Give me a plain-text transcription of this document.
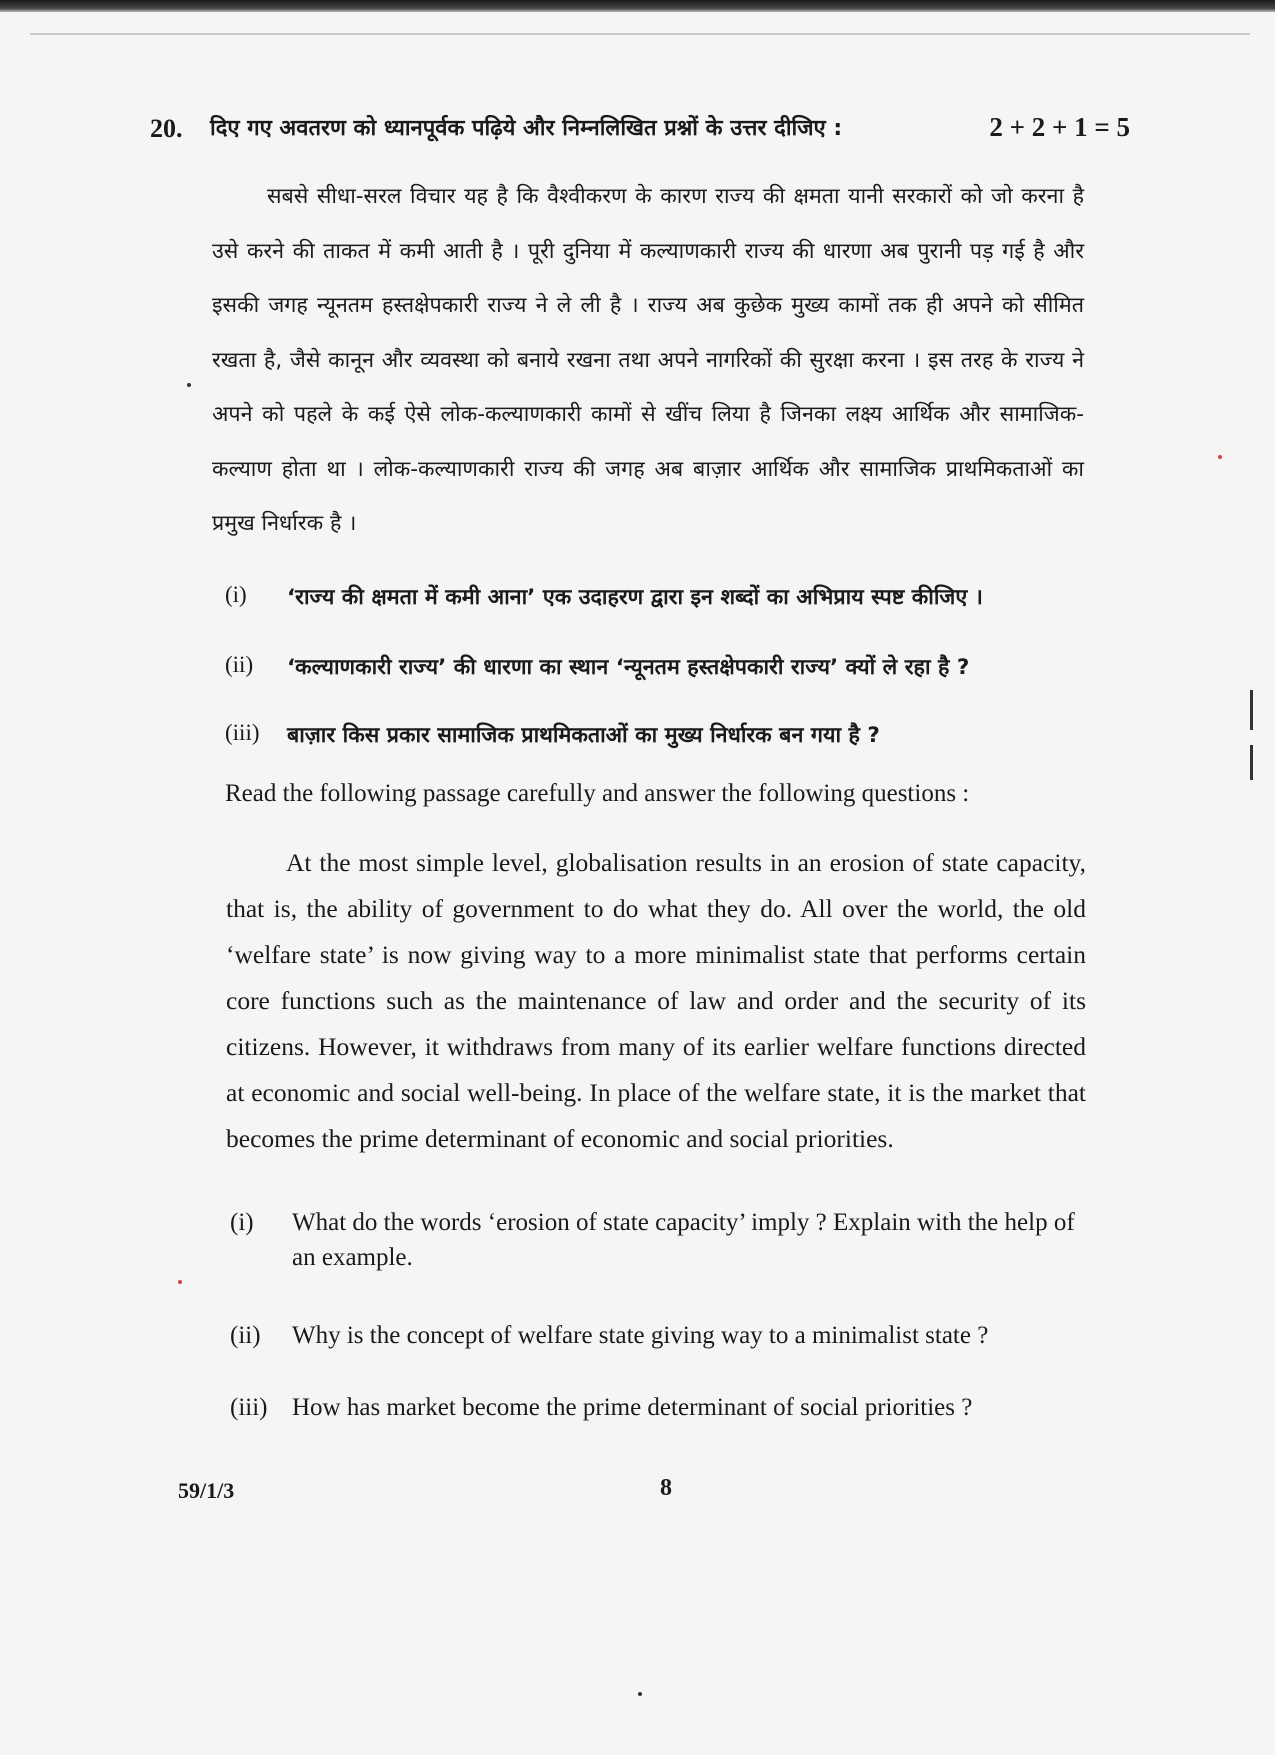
20. दिए गए अवतरण को ध्यानपूर्वक पढ़िये और निम्नलिखित प्रश्नों के उत्तर दीजिए :	2 + 2 + 1 = 5

सबसे सीधा-सरल विचार यह है कि वैश्वीकरण के कारण राज्य की क्षमता यानी सरकारों को जो करना है उसे करने की ताकत में कमी आती है । पूरी दुनिया में कल्याणकारी राज्य की धारणा अब पुरानी पड़ गई है और इसकी जगह न्यूनतम हस्तक्षेपकारी राज्य ने ले ली है । राज्य अब कुछेक मुख्य कामों तक ही अपने को सीमित रखता है, जैसे कानून और व्यवस्था को बनाये रखना तथा अपने नागरिकों की सुरक्षा करना । इस तरह के राज्य ने अपने को पहले के कई ऐसे लोक-कल्याणकारी कामों से खींच लिया है जिनका लक्ष्य आर्थिक और सामाजिक-कल्याण होता था । लोक-कल्याणकारी राज्य की जगह अब बाज़ार आर्थिक और सामाजिक प्राथमिकताओं का प्रमुख निर्धारक है ।

(i) ‘राज्य की क्षमता में कमी आना’ एक उदाहरण द्वारा इन शब्दों का अभिप्राय स्पष्ट कीजिए ।
(ii) ‘कल्याणकारी राज्य’ की धारणा का स्थान ‘न्यूनतम हस्तक्षेपकारी राज्य’ क्यों ले रहा है ?
(iii) बाज़ार किस प्रकार सामाजिक प्राथमिकताओं का मुख्य निर्धारक बन गया है ?
Read the following passage carefully and answer the following questions :

At the most simple level, globalisation results in an erosion of state capacity, that is, the ability of government to do what they do. All over the world, the old ‘welfare state’ is now giving way to a more minimalist state that performs certain core functions such as the maintenance of law and order and the security of its citizens. However, it withdraws from many of its earlier welfare functions directed at economic and social well-being. In place of the welfare state, it is the market that becomes the prime determinant of economic and social priorities.

(i) What do the words ‘erosion of state capacity’ imply ? Explain with the help of an example.
(ii) Why is the concept of welfare state giving way to a minimalist state ?
(iii) How has market become the prime determinant of social priorities ?
59/1/3	8
